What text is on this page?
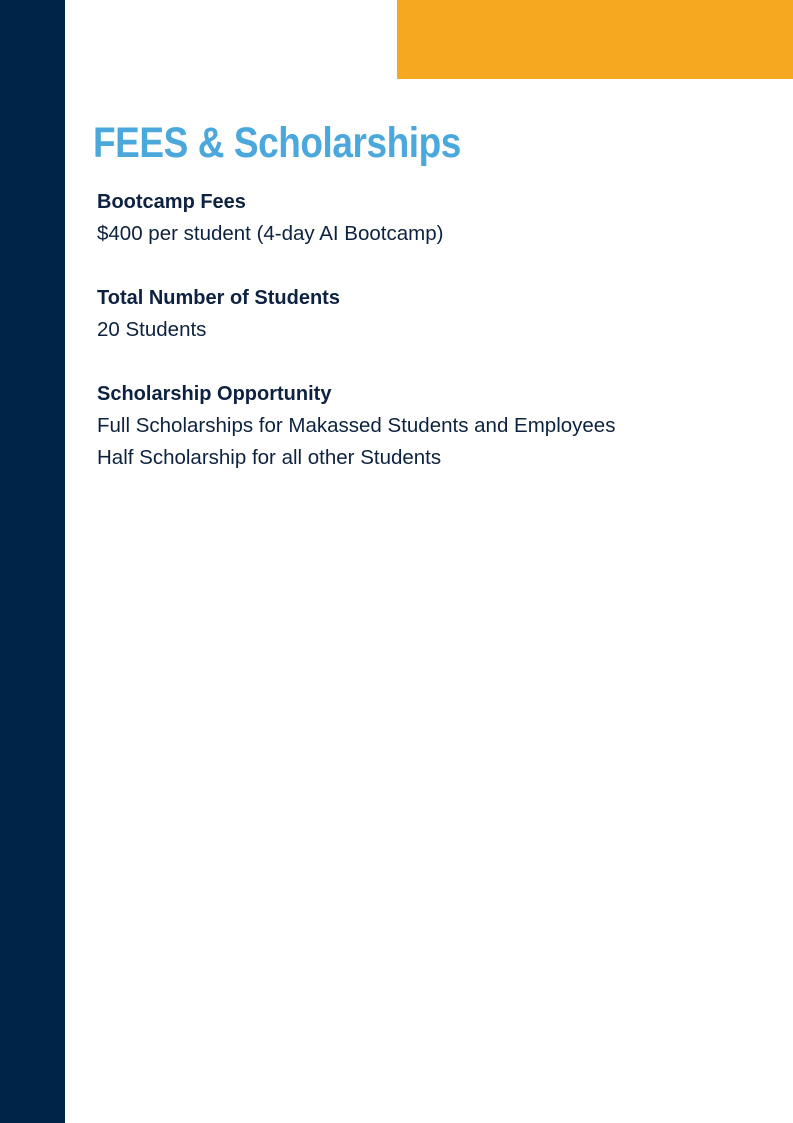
FEES & Scholarships

Bootcamp Fees

$400 per student (4-day AI Bootcamp)

Total Number of Students

20 Students

Scholarship Opportunity

Full Scholarships for Makassed Students and Employees

Half Scholarship for all other Students
